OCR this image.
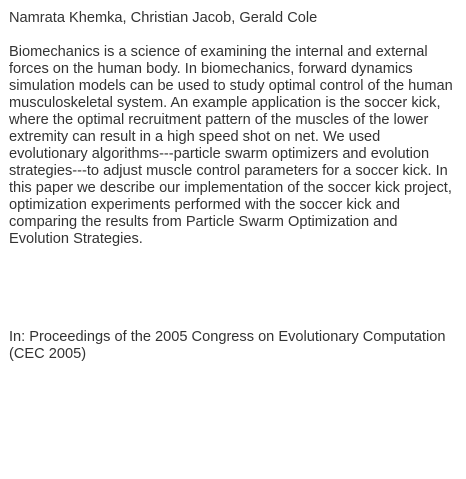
Namrata Khemka, Christian Jacob, Gerald Cole

Biomechanics is a science of examining the internal and external forces on the human body. In biomechanics, forward dynamics simulation models can be used to study optimal control of the human musculoskeletal system. An example application is the soccer kick, where the optimal recruitment pattern of the muscles of the lower extremity can result in a high speed shot on net. We used evolutionary algorithms---particle swarm optimizers and evolution strategies---to adjust muscle control parameters for a soccer kick. In this paper we describe our implementation of the soccer kick project, optimization experiments performed with the soccer kick and comparing the results from Particle Swarm Optimization and Evolution Strategies.

In: Proceedings of the 2005 Congress on Evolutionary Computation (CEC 2005)
